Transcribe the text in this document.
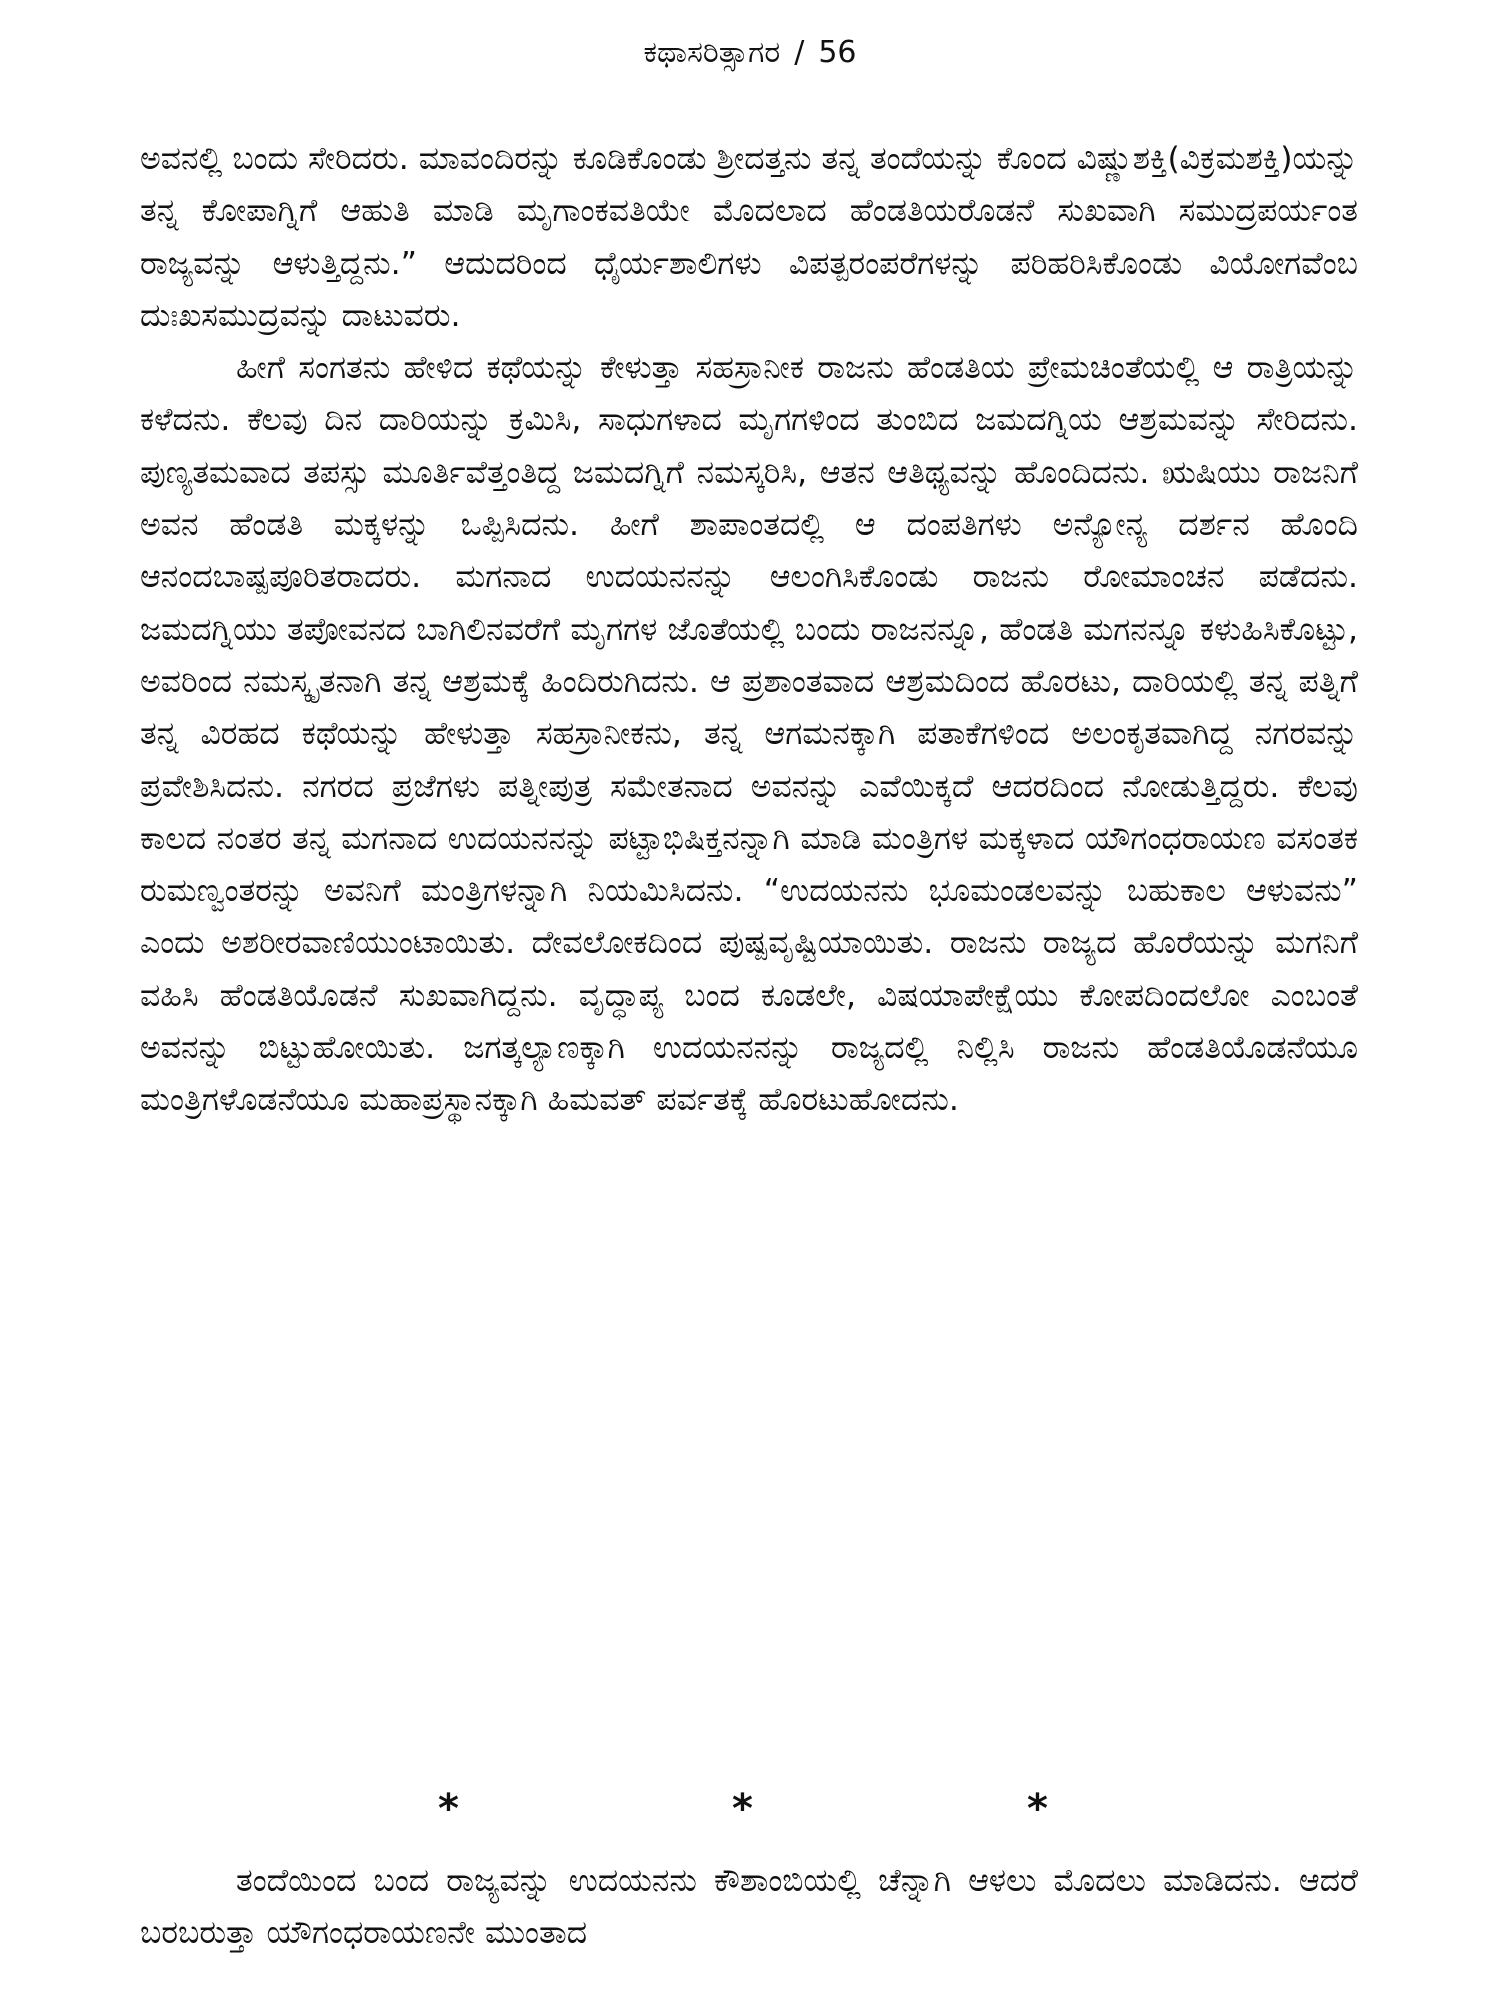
ಕಥಾಸರಿತ್ಸಾಗರ / 56

ಅವನಲ್ಲಿ ಬಂದು ಸೇರಿದರು. ಮಾವಂದಿರನ್ನು ಕೂಡಿಕೊಂಡು ಶ್ರೀದತ್ತನು ತನ್ನ ತಂದೆಯನ್ನು ಕೊಂದ ವಿಷ್ಣುಶಕ್ತಿ(ವಿಕ್ರಮಶಕ್ತಿ)ಯನ್ನು ತನ್ನ ಕೋಪಾಗ್ನಿಗೆ ಆಹುತಿ ಮಾಡಿ ಮೃಗಾಂಕವತಿಯೇ ಮೊದಲಾದ ಹೆಂಡತಿಯರೊಡನೆ ಸುಖವಾಗಿ ಸಮುದ್ರಪರ್ಯಂತ ರಾಜ್ಯವನ್ನು ಆಳುತ್ತಿದ್ದನು.” ಆದುದರಿಂದ ಧೈರ್ಯಶಾಲಿಗಳು ವಿಪತ್ಪರಂಪರೆಗಳನ್ನು ಪರಿಹರಿಸಿಕೊಂಡು ವಿಯೋಗವೆಂಬ ದುಃಖಸಮುದ್ರವನ್ನು ದಾಟುವರು.

ಹೀಗೆ ಸಂಗತನು ಹೇಳಿದ ಕಥೆಯನ್ನು ಕೇಳುತ್ತಾ ಸಹಸ್ರಾನೀಕ ರಾಜನು ಹೆಂಡತಿಯ ಪ್ರೇಮಚಿಂತೆಯಲ್ಲಿ ಆ ರಾತ್ರಿಯನ್ನು ಕಳೆದನು. ಕೆಲವು ದಿನ ದಾರಿಯನ್ನು ಕ್ರಮಿಸಿ, ಸಾಧುಗಳಾದ ಮೃಗಗಳಿಂದ ತುಂಬಿದ ಜಮದಗ್ನಿಯ ಆಶ್ರಮವನ್ನು ಸೇರಿದನು. ಪುಣ್ಯತಮವಾದ ತಪಸ್ಸು ಮೂರ್ತಿವೆತ್ತಂತಿದ್ದ ಜಮದಗ್ನಿಗೆ ನಮಸ್ಕರಿಸಿ, ಆತನ ಆತಿಥ್ಯವನ್ನು ಹೊಂದಿದನು. ಋಷಿಯು ರಾಜನಿಗೆ ಅವನ ಹೆಂಡತಿ ಮಕ್ಕಳನ್ನು ಒಪ್ಪಿಸಿದನು. ಹೀಗೆ ಶಾಪಾಂತದಲ್ಲಿ ಆ ದಂಪತಿಗಳು ಅನ್ಯೋನ್ಯ ದರ್ಶನ ಹೊಂದಿ ಆನಂದಬಾಷ್ಪಪೂರಿತರಾದರು. ಮಗನಾದ ಉದಯನನನ್ನು ಆಲಂಗಿಸಿಕೊಂಡು ರಾಜನು ರೋಮಾಂಚನ ಪಡೆದನು. ಜಮದಗ್ನಿಯು ತಪೋವನದ ಬಾಗಿಲಿನವರೆಗೆ ಮೃಗಗಳ ಜೊತೆಯಲ್ಲಿ ಬಂದು ರಾಜನನ್ನೂ, ಹೆಂಡತಿ ಮಗನನ್ನೂ ಕಳುಹಿಸಿಕೊಟ್ಟು, ಅವರಿಂದ ನಮಸ್ಕೃತನಾಗಿ ತನ್ನ ಆಶ್ರಮಕ್ಕೆ ಹಿಂದಿರುಗಿದನು. ಆ ಪ್ರಶಾಂತವಾದ ಆಶ್ರಮದಿಂದ ಹೊರಟು, ದಾರಿಯಲ್ಲಿ ತನ್ನ ಪತ್ನಿಗೆ ತನ್ನ ವಿರಹದ ಕಥೆಯನ್ನು ಹೇಳುತ್ತಾ ಸಹಸ್ರಾನೀಕನು, ತನ್ನ ಆಗಮನಕ್ಕಾಗಿ ಪತಾಕೆಗಳಿಂದ ಅಲಂಕೃತವಾಗಿದ್ದ ನಗರವನ್ನು ಪ್ರವೇಶಿಸಿದನು. ನಗರದ ಪ್ರಜೆಗಳು ಪತ್ನೀಪುತ್ರ ಸಮೇತನಾದ ಅವನನ್ನು ಎವೆಯಿಕ್ಕದೆ ಆದರದಿಂದ ನೋಡುತ್ತಿದ್ದರು. ಕೆಲವು ಕಾಲದ ನಂತರ ತನ್ನ ಮಗನಾದ ಉದಯನನನ್ನು ಪಟ್ಟಾಭಿಷಿಕ್ತನನ್ನಾಗಿ ಮಾಡಿ ಮಂತ್ರಿಗಳ ಮಕ್ಕಳಾದ ಯೌಗಂಧರಾಯಣ ವಸಂತಕ ರುಮಣ್ವಂತರನ್ನು ಅವನಿಗೆ ಮಂತ್ರಿಗಳನ್ನಾಗಿ ನಿಯಮಿಸಿದನು. “ಉದಯನನು ಭೂಮಂಡಲವನ್ನು ಬಹುಕಾಲ ಆಳುವನು” ಎಂದು ಅಶರೀರವಾಣಿಯುಂಟಾಯಿತು. ದೇವಲೋಕದಿಂದ ಪುಷ್ಪವೃಷ್ಟಿಯಾಯಿತು. ರಾಜನು ರಾಜ್ಯದ ಹೊರೆಯನ್ನು ಮಗನಿಗೆ ವಹಿಸಿ ಹೆಂಡತಿಯೊಡನೆ ಸುಖವಾಗಿದ್ದನು. ವೃದ್ಧಾಪ್ಯ ಬಂದ ಕೂಡಲೇ, ವಿಷಯಾಪೇಕ್ಷೆಯು ಕೋಪದಿಂದಲೋ ಎಂಬಂತೆ ಅವನನ್ನು ಬಿಟ್ಟುಹೋಯಿತು. ಜಗತ್ಕಲ್ಯಾಣಕ್ಕಾಗಿ ಉದಯನನನ್ನು ರಾಜ್ಯದಲ್ಲಿ ನಿಲ್ಲಿಸಿ ರಾಜನು ಹೆಂಡತಿಯೊಡನೆಯೂ ಮಂತ್ರಿಗಳೊಡನೆಯೂ ಮಹಾಪ್ರಸ್ಥಾನಕ್ಕಾಗಿ ಹಿಮವತ್ ಪರ್ವತಕ್ಕೆ ಹೊರಟುಹೋದನು.

*	*	*

ತಂದೆಯಿಂದ ಬಂದ ರಾಜ್ಯವನ್ನು ಉದಯನನು ಕೌಶಾಂಬಿಯಲ್ಲಿ ಚೆನ್ನಾಗಿ ಆಳಲು ಮೊದಲು ಮಾಡಿದನು. ಆದರೆ ಬರಬರುತ್ತಾ ಯೌಗಂಧರಾಯಣನೇ ಮುಂತಾದ
